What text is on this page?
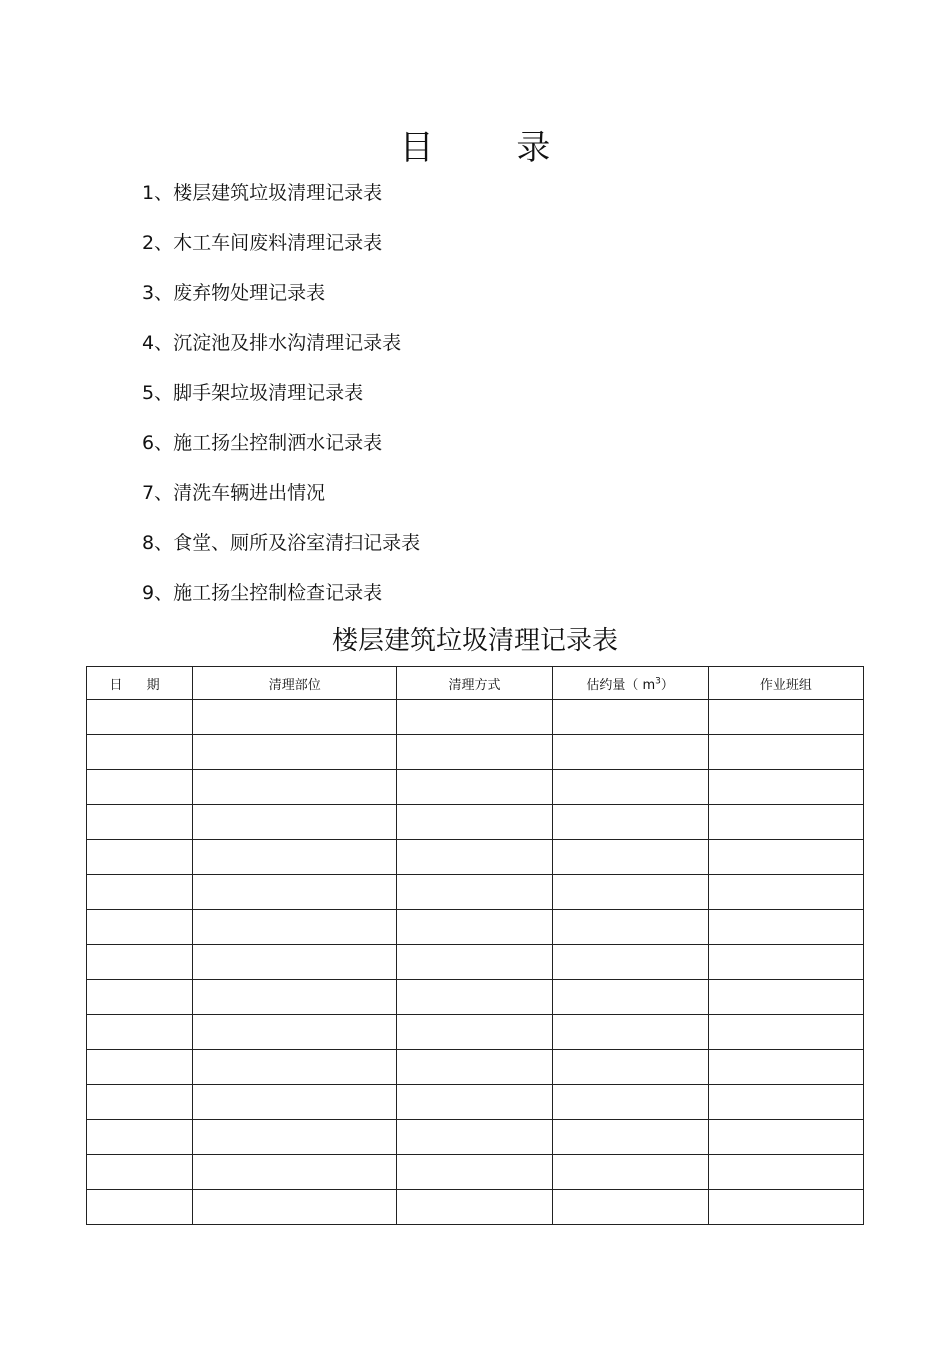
目 录
1、楼层建筑垃圾清理记录表
2、木工车间废料清理记录表
3、废弃物处理记录表
4、沉淀池及排水沟清理记录表
5、脚手架垃圾清理记录表
6、施工扬尘控制洒水记录表
7、清洗车辆进出情况
8、食堂、厕所及浴室清扫记录表
9、施工扬尘控制检查记录表
楼层建筑垃圾清理记录表
日 期	清理部位	清理方式	估约量（ $m^3$）	作业班组
